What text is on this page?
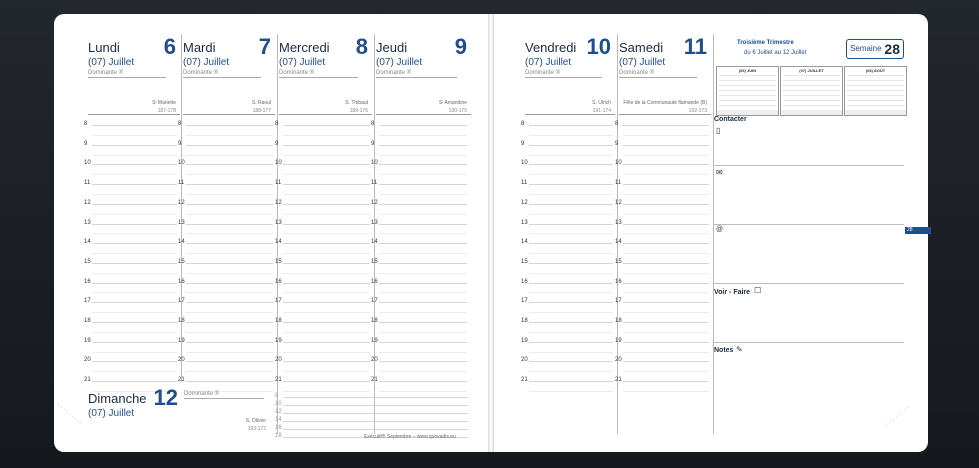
Lundi 6
(07) Juillet
Dominante ®
Sᵗ Mariette
187-178
Mardi 7
(07) Juillet
Dominante ®
S. Raoul
188-177
Mercredi 8
(07) Juillet
Dominante ®
S. Thibaut
189-176
Jeudi 9
(07) Juillet
Dominante ®
Sᵗ Amandine
190-175
Vendredi 10
(07) Juillet
Dominante ®
S. Ulrich
191-174
Samedi 11
(07) Juillet
Dominante ®
Fête de la Communauté flamande (B)
192-173
8	8	8	8
9	9	9	9
10	10	10	10
11	11	11	11
12	12	12	12
13	13	13	13
14	14	14	14
15	15	15	15
16	16	16	16
17	17	17	17
18	18	18	18
19	19	19	19
20	20	20	20
21	21	21	21
8	8
9	9
10	10
11	11
12	12
13	13
14	14
15	15
16	16
17	17
18	18
19	19
20	20
21	21
Dimanche 12
(07) Juillet
Dominante ®
S. Olivier
193-172
8
10
12
14
16
18	Exécutif® Septembre – www.quovadis.eu
Troisième Trimestre
du 6 Juillet au 12 Juillet	Semaine 28
(06) JUIN	(07) JUILLET	(08) AOÛT
Contacter
▯
✉
@	28
Voir - Faire ☐
Notes ✎
·········	·········
